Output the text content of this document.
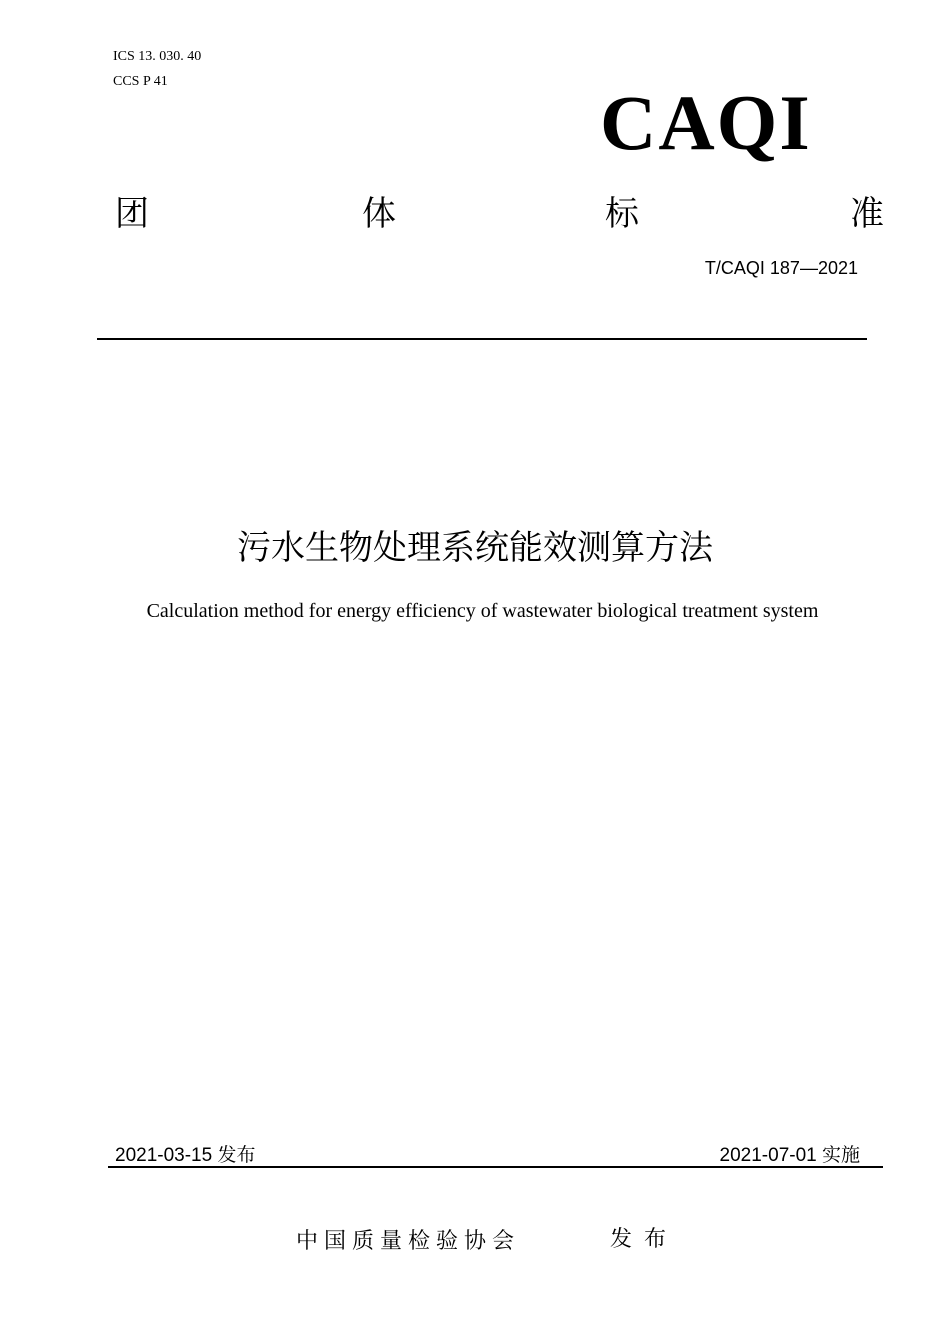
ICS 13. 030. 40
CCS P 41	CAQI
团	体	标	准
T/CAQI 187—2021
污水生物处理系统能效测算方法
Calculation method for energy efficiency of wastewater biological treatment system
2021-03-15 发布	2021-07-01 实施
中国质量检验协会	发布
